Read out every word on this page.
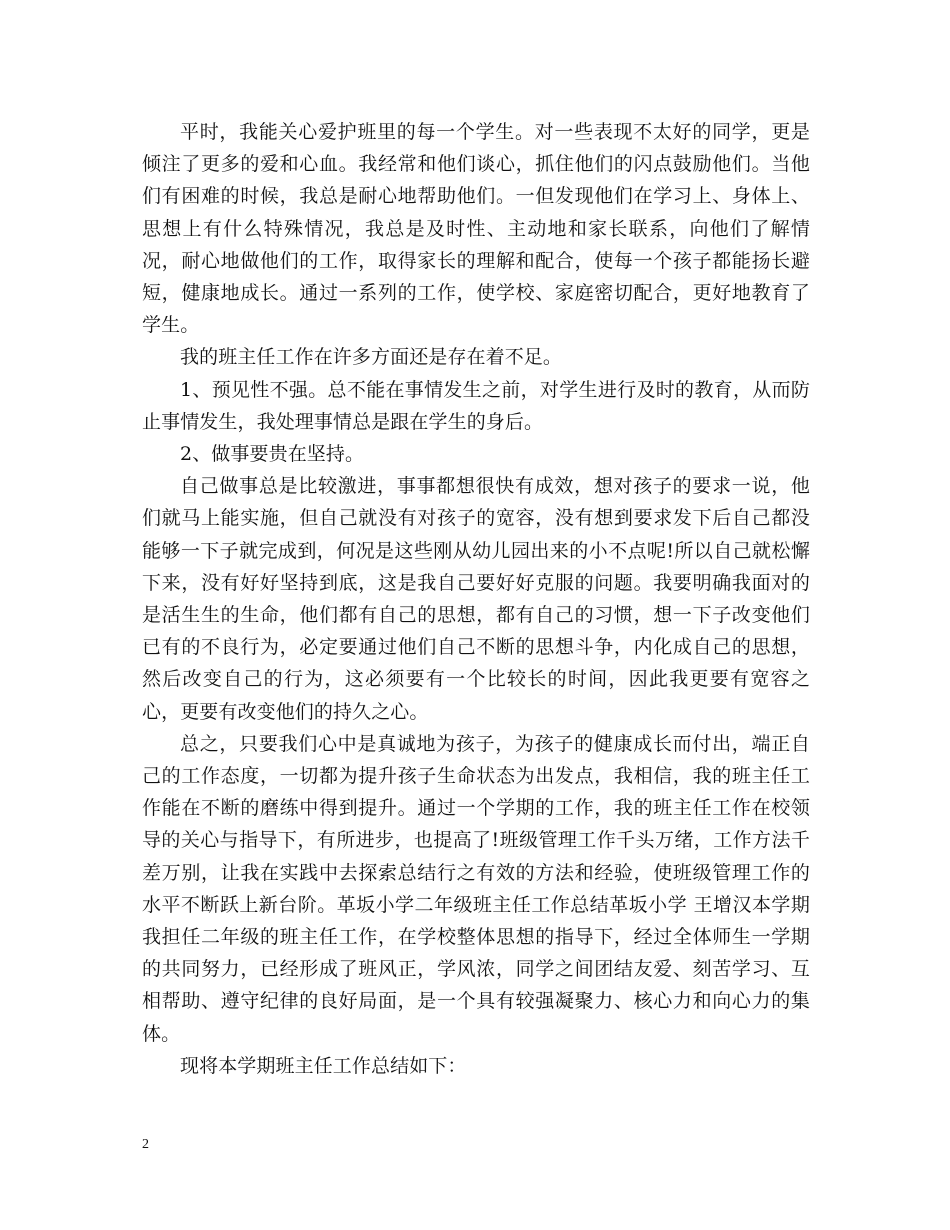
平时，我能关心爱护班里的每一个学生。对一些表现不太好的同学，更是倾注了更多的爱和心血。我经常和他们谈心，抓住他们的闪点鼓励他们。当他们有困难的时候，我总是耐心地帮助他们。一但发现他们在学习上、身体上、思想上有什么特殊情况，我总是及时性、主动地和家长联系，向他们了解情况，耐心地做他们的工作，取得家长的理解和配合，使每一个孩子都能扬长避短，健康地成长。通过一系列的工作，使学校、家庭密切配合，更好地教育了学生。

我的班主任工作在许多方面还是存在着不足。

1、预见性不强。总不能在事情发生之前，对学生进行及时的教育，从而防止事情发生，我处理事情总是跟在学生的身后。

2、做事要贵在坚持。

自己做事总是比较激进，事事都想很快有成效，想对孩子的要求一说，他们就马上能实施，但自己就没有对孩子的宽容，没有想到要求发下后自己都没能够一下子就完成到，何况是这些刚从幼儿园出来的小不点呢!所以自己就松懈下来，没有好好坚持到底，这是我自己要好好克服的问题。我要明确我面对的是活生生的生命，他们都有自己的思想，都有自己的习惯，想一下子改变他们已有的不良行为，必定要通过他们自己不断的思想斗争，内化成自己的思想，然后改变自己的行为，这必须要有一个比较长的时间，因此我更要有宽容之心，更要有改变他们的持久之心。

总之，只要我们心中是真诚地为孩子，为孩子的健康成长而付出，端正自己的工作态度，一切都为提升孩子生命状态为出发点，我相信，我的班主任工作能在不断的磨练中得到提升。通过一个学期的工作，我的班主任工作在校领导的关心与指导下，有所进步，也提高了!班级管理工作千头万绪，工作方法千差万别，让我在实践中去探索总结行之有效的方法和经验，使班级管理工作的水平不断跃上新台阶。革坂小学二年级班主任工作总结革坂小学 王增汉本学期我担任二年级的班主任工作，在学校整体思想的指导下，经过全体师生一学期的共同努力，已经形成了班风正，学风浓，同学之间团结友爱、刻苦学习、互相帮助、遵守纪律的良好局面，是一个具有较强凝聚力、核心力和向心力的集体。

现将本学期班主任工作总结如下：

2
